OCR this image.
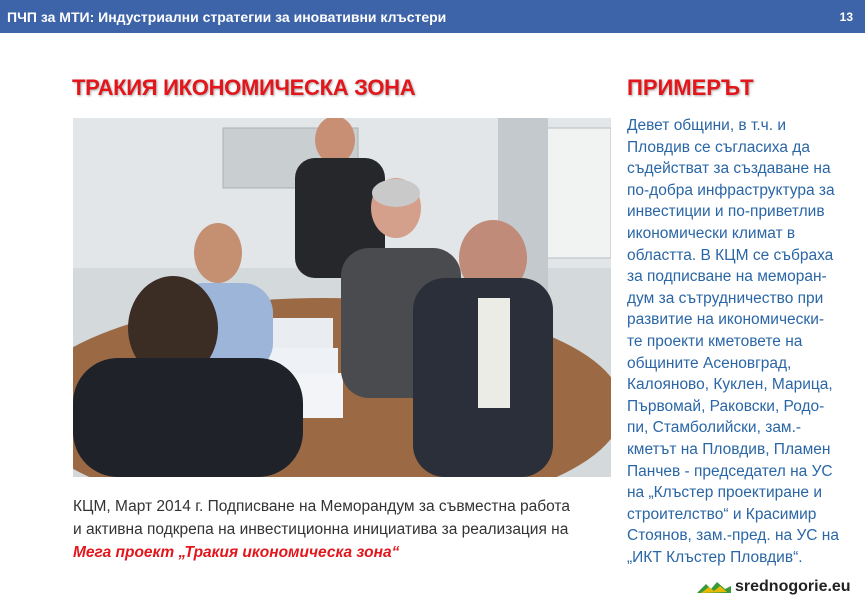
ПЧП за МТИ: Индустриални стратегии за иновативни клъстери	13
ТРАКИЯ ИКОНОМИЧЕСКА ЗОНА	ПРИМЕРЪТ
КЦМ, Март 2014 г. Подписване на Меморандум за съвместна работа
и активна подкрепа на инвестиционна инициатива за реализация на
Мега проект „Тракия икономическа зона“
Девет общини, в т.ч. и
Пловдив се съгласиха да
съдействат за създаване на
по-добра инфраструктура за
инвестиции и по-приветлив
икономически климат в
областта. В КЦМ се събраха
за подписване на меморан-
дум за сътрудничество при
развитие на икономически-
те проекти кметовете на
общините Асеновград,
Калояново, Куклен, Марица,
Първомай, Раковски, Родо-
пи, Стамболийски, зам.-
кметът на Пловдив, Пламен
Панчев - председател на УС
на „Клъстер проектиране и
строителство“ и Красимир
Стоянов, зам.-пред. на УС на
„ИКТ Клъстер Пловдив“.
srednogorie.eu
